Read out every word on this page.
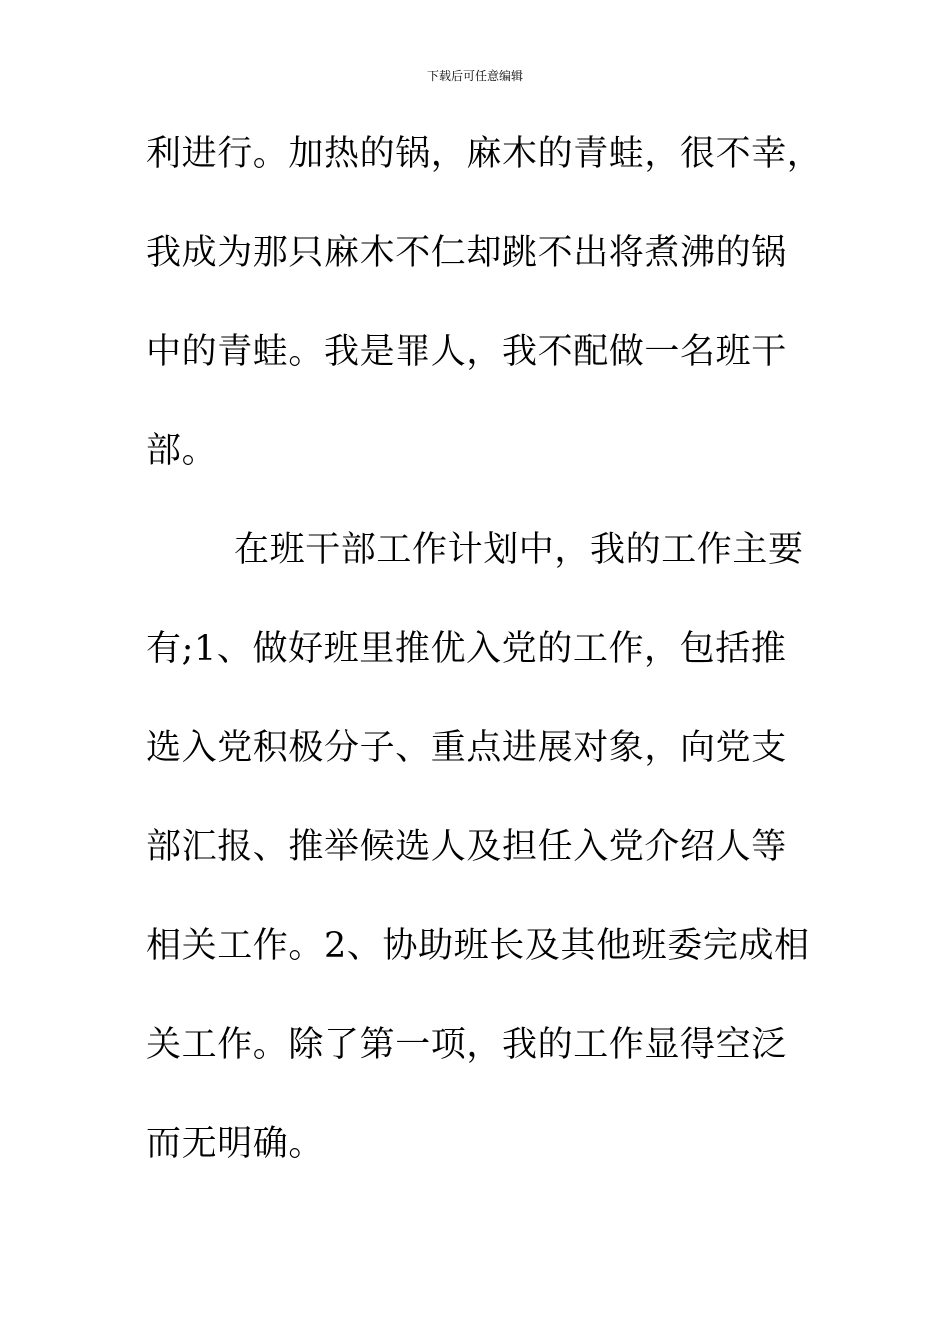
下载后可任意编辑
利进行。加热的锅，麻木的青蛙，很不幸，
我成为那只麻木不仁却跳不出将煮沸的锅
中的青蛙。我是罪人，我不配做一名班干
部。
在班干部工作计划中，我的工作主要
有;1、做好班里推优入党的工作，包括推
选入党积极分子、重点进展对象，向党支
部汇报、推举候选人及担任入党介绍人等
相关工作。2、协助班长及其他班委完成相
关工作。除了第一项，我的工作显得空泛
而无明确。
